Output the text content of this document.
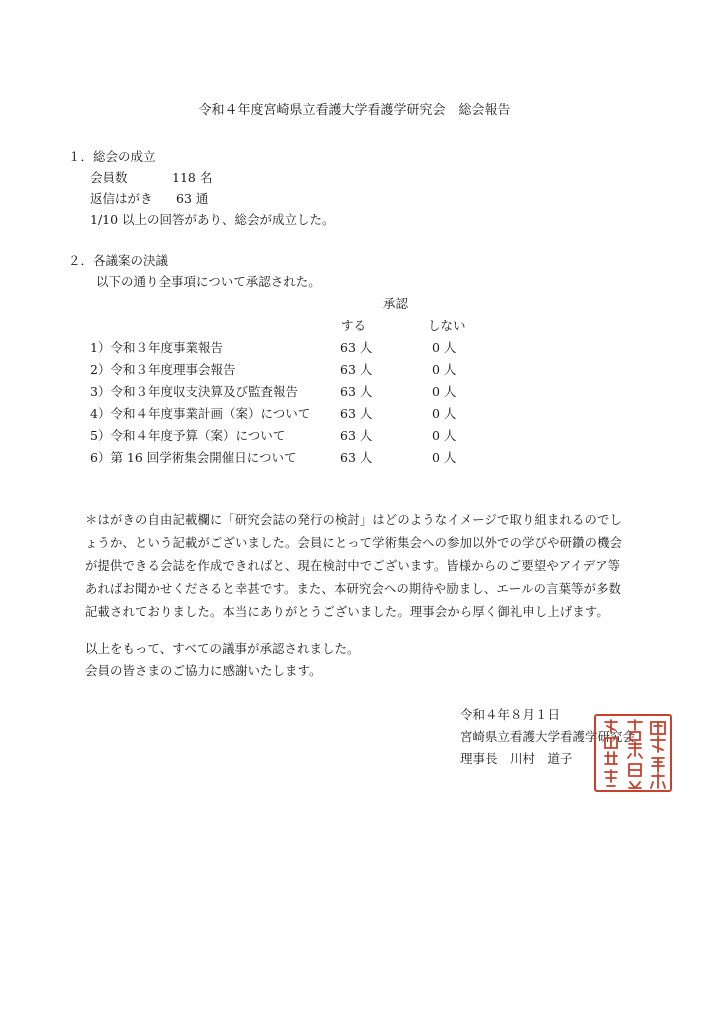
令和４年度宮崎県立看護大学看護学研究会　総会報告
１．総会の成立
会員数	118 名
返信はがき 63 通
1/10 以上の回答があり、総会が成立した。
２．各議案の決議
以下の通り全事項について承認された。
承認
する	しない
1）令和３年度事業報告	63 人	0 人
2）令和３年度理事会報告	63 人	0 人
3）令和３年度収支決算及び監査報告	63 人	0 人
4）令和４年度事業計画（案）について 63 人	0 人
5）令和４年度予算（案）について	63 人	0 人
6）第 16 回学術集会開催日について	63 人	0 人
＊はがきの自由記載欄に「研究会誌の発行の検討」はどのようなイメージで取り組まれるのでしょうか、という記載がございました。会員にとって学術集会への参加以外での学びや研鑽の機会が提供できる会誌を作成できればと、現在検討中でございます。皆様からのご要望やアイデア等あればお聞かせくださると幸甚です。また、本研究会への期待や励まし、エールの言葉等が多数記載されておりました。本当にありがとうございました。理事会から厚く御礼申し上げます。
以上をもって、すべての議事が承認されました。
会員の皆さまのご協力に感謝いたします。
令和４年８月１日
宮崎県立看護大学看護学研究会
理事長　川村　道子
